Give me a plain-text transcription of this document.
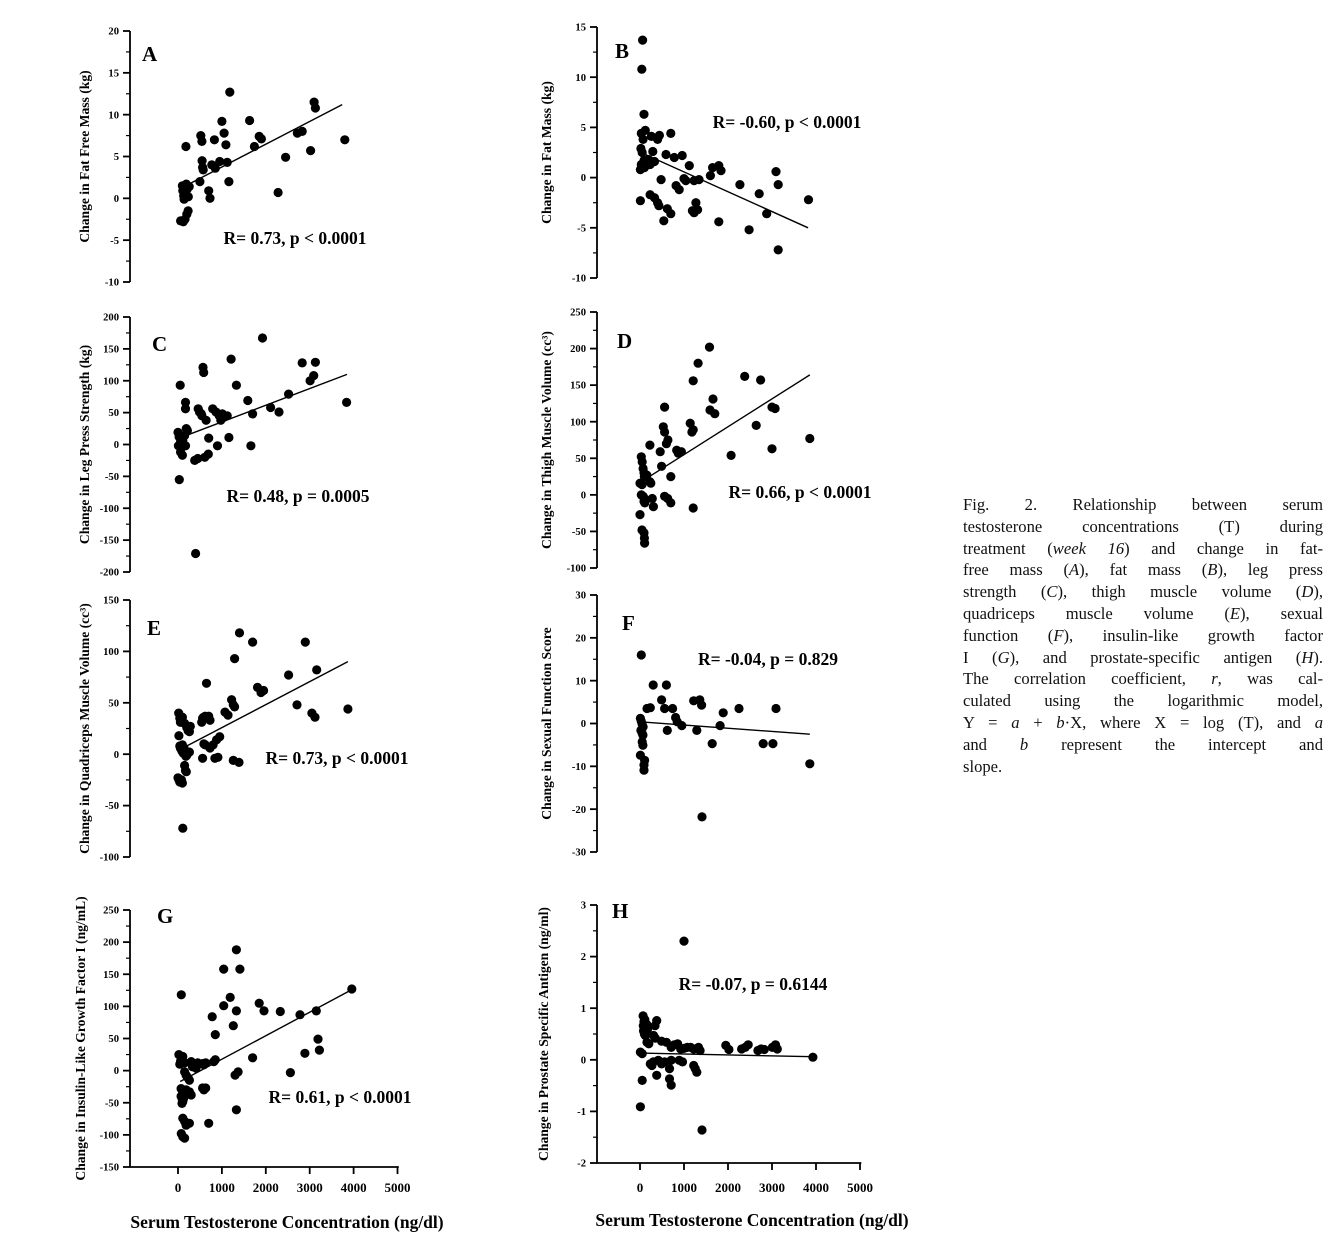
20
15
10
5
0
-5
-10
A
R= 0.73, p < 0.0001
Change in Fat Free Mass (kg)
15
10
5
0
-5
-10
B
R= -0.60, p < 0.0001
Change in Fat Mass (kg)
200
150
100
50
0
-50
-100
-150
-200
C
R= 0.48, p = 0.0005
Change in Leg Press Strength (kg)
250
200
150
100
50
0
-50
-100
D
R= 0.66, p < 0.0001
Change in Thigh Muscle Volume (cc³)
150
100
50
0
-50
-100
E
R= 0.73, p < 0.0001
Change in Quadriceps Muscle Volume (cc³)
30
20
10
0
-10
-20
-30
F
R= -0.04, p = 0.829
Change in Sexual Function Score
250
200
150
100
50
0
-50
-100
-150
0 1000 2000 3000 4000 5000
Serum Testosterone Concentration (ng/dl)
G
R= 0.61, p < 0.0001
Change in Insulin-Like Growth Factor I (ng/mL)	3
2
1
0
-1
-2
0 1000 2000 3000 4000 5000
Serum Testosterone Concentration (ng/dl)
H
R= -0.07, p = 0.6144
Change in Prostate Specific Antigen (ng/ml)
Fig. 2. Relationship between serum
testosterone concentrations (T) during
treatment (week 16) and change in fat-
free mass (A), fat mass (B), leg press
strength (C), thigh muscle volume (D),
quadriceps muscle volume (E), sexual
function (F), insulin-like growth factor
I (G), and prostate-specific antigen (H).
The correlation coefficient, r, was cal-
culated using the logarithmic model,
Y = a + b·X, where X = log (T), and a
and b represent the intercept and
slope.
